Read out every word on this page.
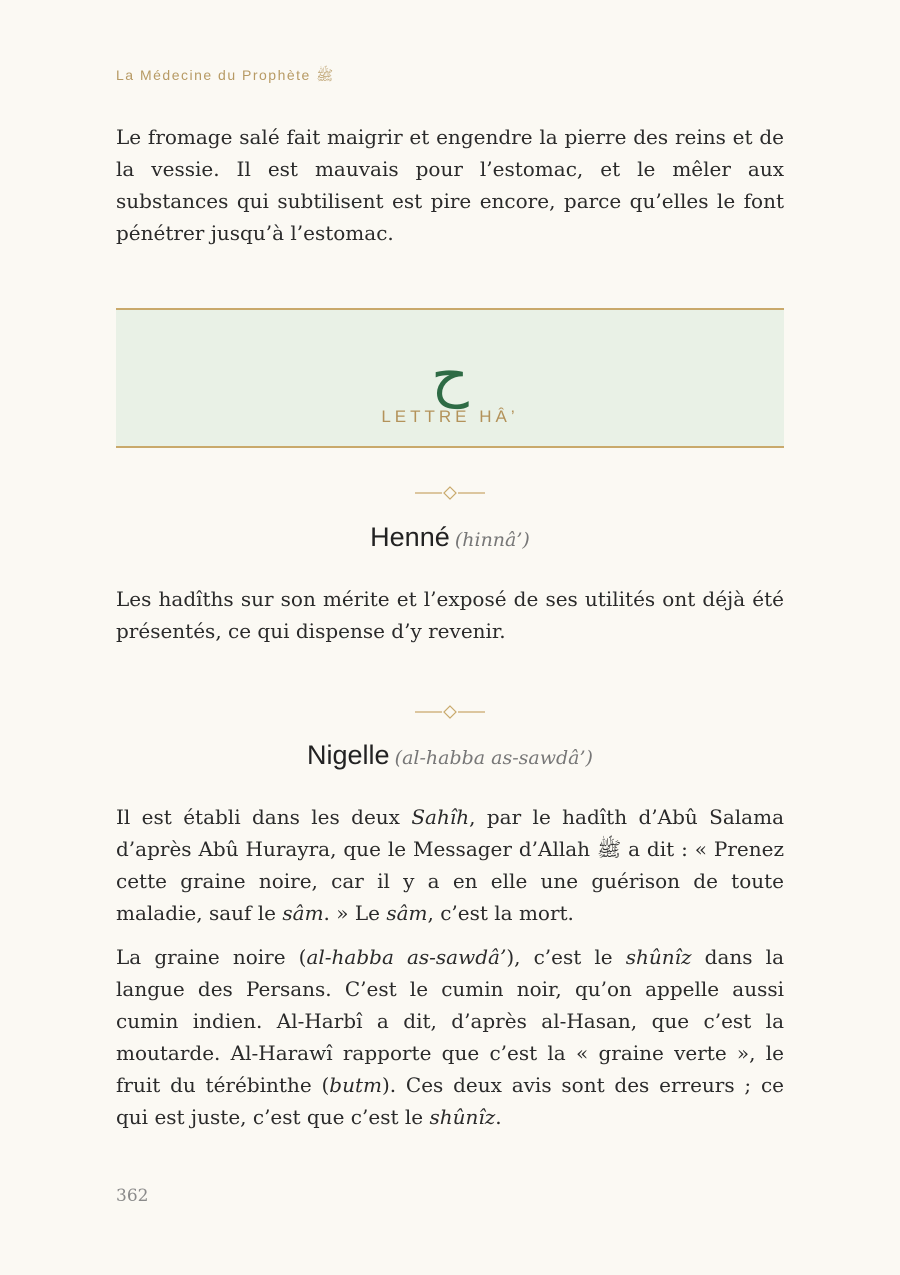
La Médecine du Prophète ﷺ

Le fromage salé fait maigrir et engendre la pierre des reins et de la vessie. Il est mauvais pour l’estomac, et le mêler aux substances qui subtilisent est pire encore, parce qu’elles le font pénétrer jusqu’à l’estomac.

ح
LETTRE HÂ’
Henné (hinnâ’)

Les hadîths sur son mérite et l’exposé de ses utilités ont déjà été présentés, ce qui dispense d’y revenir.

Nigelle (al-habba as-sawdâ’)

Il est établi dans les deux Sahîh, par le hadîth d’Abû Salama d’après Abû Hurayra, que le Messager d’Allah ﷺ a dit : « Prenez cette graine noire, car il y a en elle une guérison de toute maladie, sauf le sâm. » Le sâm, c’est la mort.

La graine noire (al-habba as-sawdâ’), c’est le shûnîz dans la langue des Persans. C’est le cumin noir, qu’on appelle aussi cumin indien. Al-Harbî a dit, d’après al-Hasan, que c’est la moutarde. Al-Harawî rapporte que c’est la « graine verte », le fruit du térébinthe (butm). Ces deux avis sont des erreurs ; ce qui est juste, c’est que c’est le shûnîz.

362
